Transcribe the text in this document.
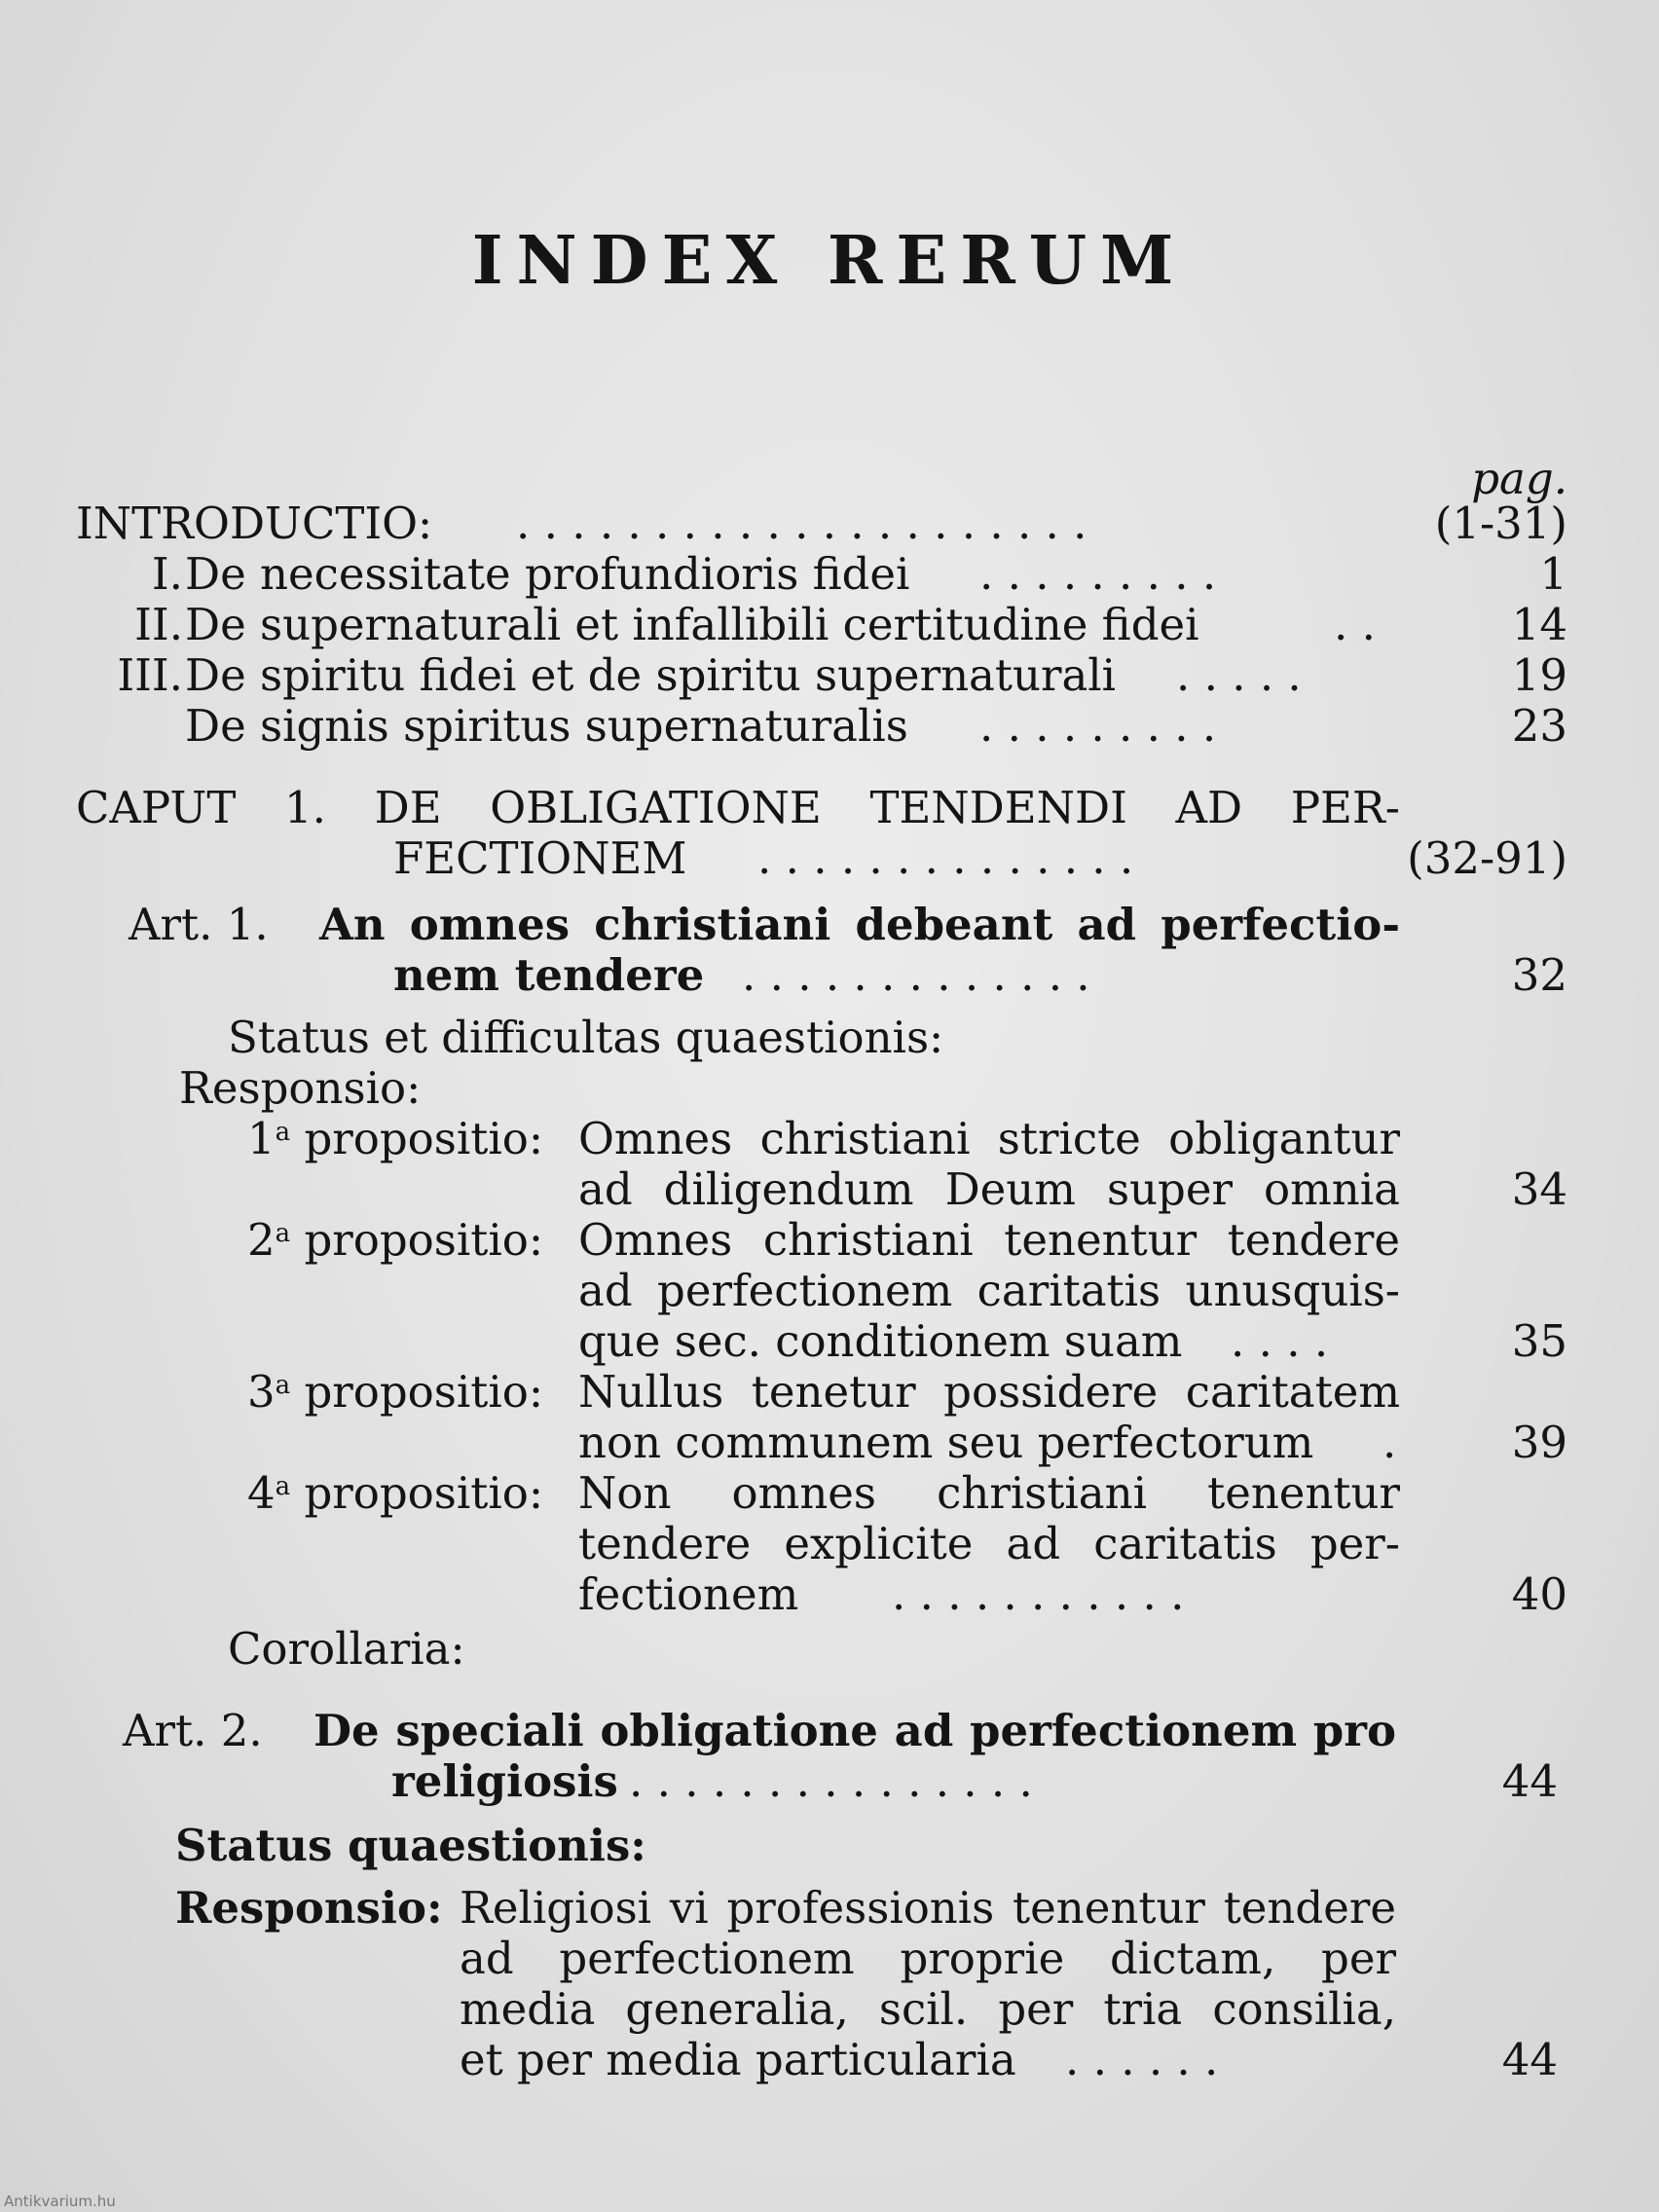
INDEX RERUM
pag.
INTRODUCTIO: . . . . . . . . . . . . . . . . . . . . .	(1-31)
I. De necessitate profundioris fidei . . . . . . . . .	1
II. De supernaturali et infallibili certitudine fidei	. .	14
III. De spiritu fidei et de spiritu supernaturali . . . . .	19
De signis spiritus supernaturalis . . . . . . . . .	23
CAPUT 1. DE OBLIGATIONE TENDENDI AD PER-
FECTIONEM . . . . . . . . . . . . . .	(32-91)
Art. 1. An omnes christiani debeant ad perfectio-
nem tendere . . . . . . . . . . . . .	32
Status et difficultas quaestionis:
Responsio:
1$^a$ propositio: Omnes christiani stricte obligantur
ad diligendum Deum super omnia	34
2$^a$ propositio: Omnes christiani tenentur tendere
ad perfectionem caritatis unusquis-
que sec. conditionem suam . . . .	35
3$^a$ propositio: Nullus tenetur possidere caritatem
non communem seu perfectorum .	39
4$^a$ propositio: Non omnes christiani tenentur
tendere explicite ad caritatis per-
fectionem . . . . . . . . . . .	40
Corollaria:
Art. 2. De speciali obligatione ad perfectionem pro
religiosis . . . . . . . . . . . . . . .	44
Status quaestionis:
Responsio: Religiosi vi professionis tenentur tendere
ad perfectionem proprie dictam, per
media generalia, scil. per tria consilia,
et per media particularia . . . . . .	44
Antikvarium.hu
